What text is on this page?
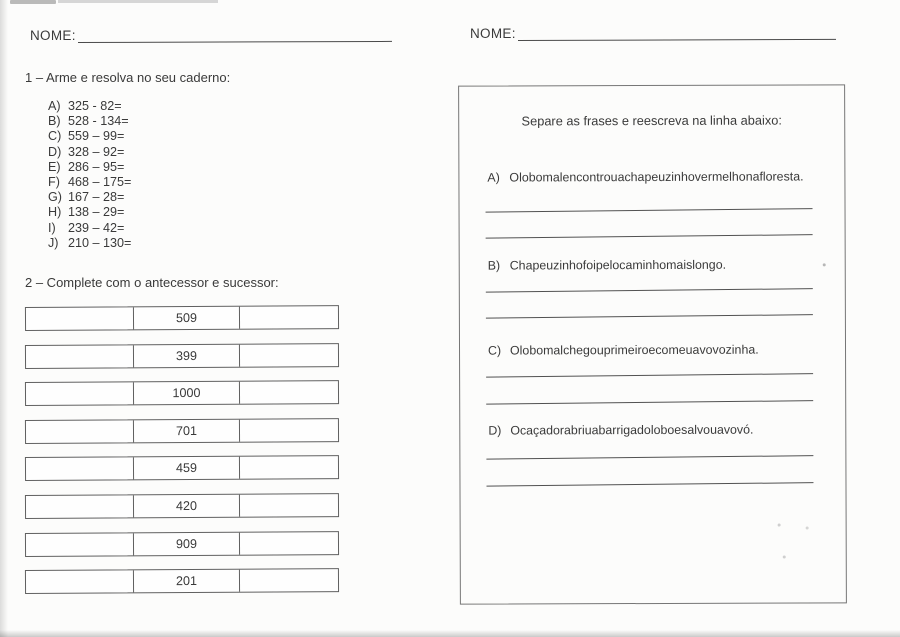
NOME:
1 – Arme e resolva no seu caderno:
A) 325 - 82=
B) 528 - 134=
C) 559 – 99=
D) 328 – 92=
E) 286 – 95=
F) 468 – 175=
G) 167 – 28=
H) 138 – 29=
I) 239 – 42=
J) 210 – 130=
2 – Complete com o antecessor e sucessor:
509
399
1000
701
459
420
909
201
NOME:
Separe as frases e reescreva na linha abaixo:
A) Olobomalencontrouachapeuzinhovermelhonafloresta.
B) Chapeuzinhofoipelocaminhomaislongo.
C) Olobomalchegouprimeiroecomeuavovozinha.
D) Ocaçadorabriuabarrigadoloboesalvouavovó.
